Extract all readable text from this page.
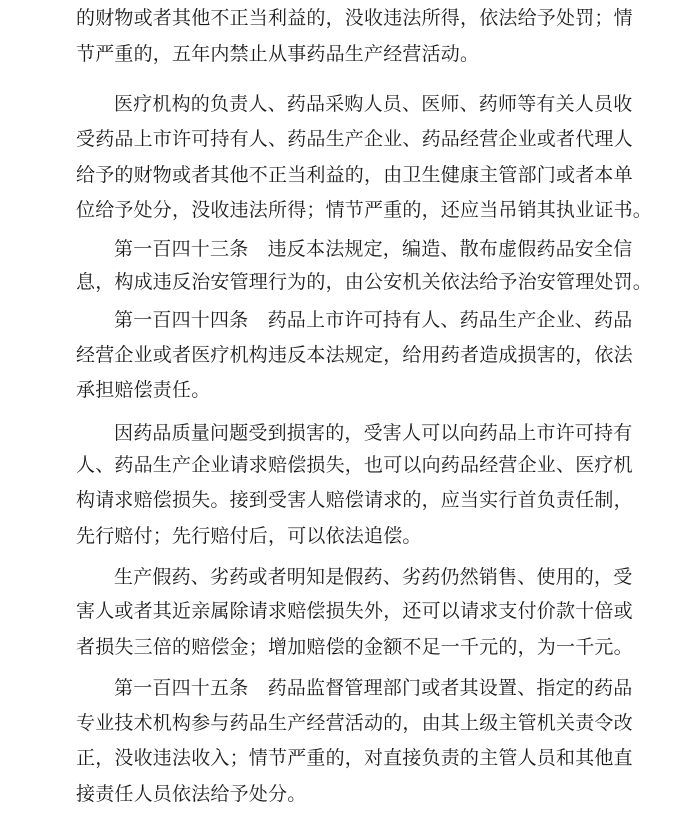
的财物或者其他不正当利益的，没收违法所得，依法给予处罚；情
节严重的，五年内禁止从事药品生产经营活动。
医疗机构的负责人、药品采购人员、医师、药师等有关人员收
受药品上市许可持有人、药品生产企业、药品经营企业或者代理人
给予的财物或者其他不正当利益的，由卫生健康主管部门或者本单
位给予处分，没收违法所得；情节严重的，还应当吊销其执业证书。
第一百四十三条　违反本法规定，编造、散布虚假药品安全信
息，构成违反治安管理行为的，由公安机关依法给予治安管理处罚。
第一百四十四条　药品上市许可持有人、药品生产企业、药品
经营企业或者医疗机构违反本法规定，给用药者造成损害的，依法
承担赔偿责任。
因药品质量问题受到损害的，受害人可以向药品上市许可持有
人、药品生产企业请求赔偿损失，也可以向药品经营企业、医疗机
构请求赔偿损失。接到受害人赔偿请求的，应当实行首负责任制，
先行赔付；先行赔付后，可以依法追偿。
生产假药、劣药或者明知是假药、劣药仍然销售、使用的，受
害人或者其近亲属除请求赔偿损失外，还可以请求支付价款十倍或
者损失三倍的赔偿金；增加赔偿的金额不足一千元的，为一千元。
第一百四十五条　药品监督管理部门或者其设置、指定的药品
专业技术机构参与药品生产经营活动的，由其上级主管机关责令改
正，没收违法收入；情节严重的，对直接负责的主管人员和其他直
接责任人员依法给予处分。
